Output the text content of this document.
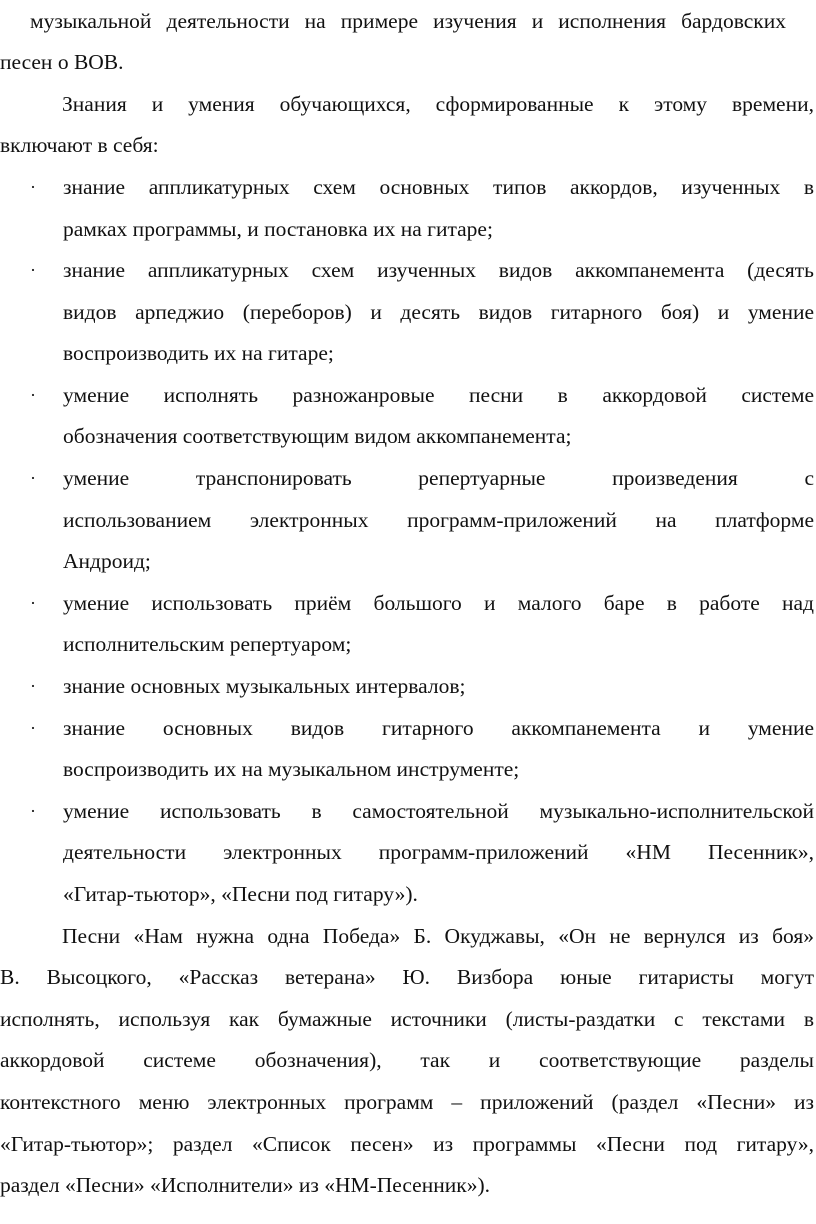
музыкальной деятельности на примере изучения и исполнения бардовских
песен о ВОВ.
Знания и умения обучающихся, сформированные к этому времени,
включают в себя:
· знание аппликатурных схем основных типов аккордов, изученных в
рамках программы, и постановка их на гитаре;
· знание аппликатурных схем изученных видов аккомпанемента (десять
видов арпеджио (переборов) и десять видов гитарного боя) и умение
воспроизводить их на гитаре;
· умение исполнять разножанровые песни в аккордовой системе
обозначения соответствующим видом аккомпанемента;
· умение транспонировать репертуарные произведения с
использованием электронных программ-приложений на платформе
Андроид;
· умение использовать приём большого и малого баре в работе над
исполнительским репертуаром;
· знание основных музыкальных интервалов;
· знание основных видов гитарного аккомпанемента и умение
воспроизводить их на музыкальном инструменте;
· умение использовать в самостоятельной музыкально-исполнительской
деятельности электронных программ-приложений «НМ Песенник»,
«Гитар-тьютор», «Песни под гитару»).
Песни «Нам нужна одна Победа» Б. Окуджавы, «Он не вернулся из боя»
В. Высоцкого, «Рассказ ветерана» Ю. Визбора юные гитаристы могут
исполнять, используя как бумажные источники (листы-раздатки с текстами в
аккордовой системе обозначения), так и соответствующие разделы
контекстного меню электронных программ – приложений (раздел «Песни» из
«Гитар-тьютор»; раздел «Список песен» из программы «Песни под гитару»,
раздел «Песни» «Исполнители» из «НМ-Песенник»).
